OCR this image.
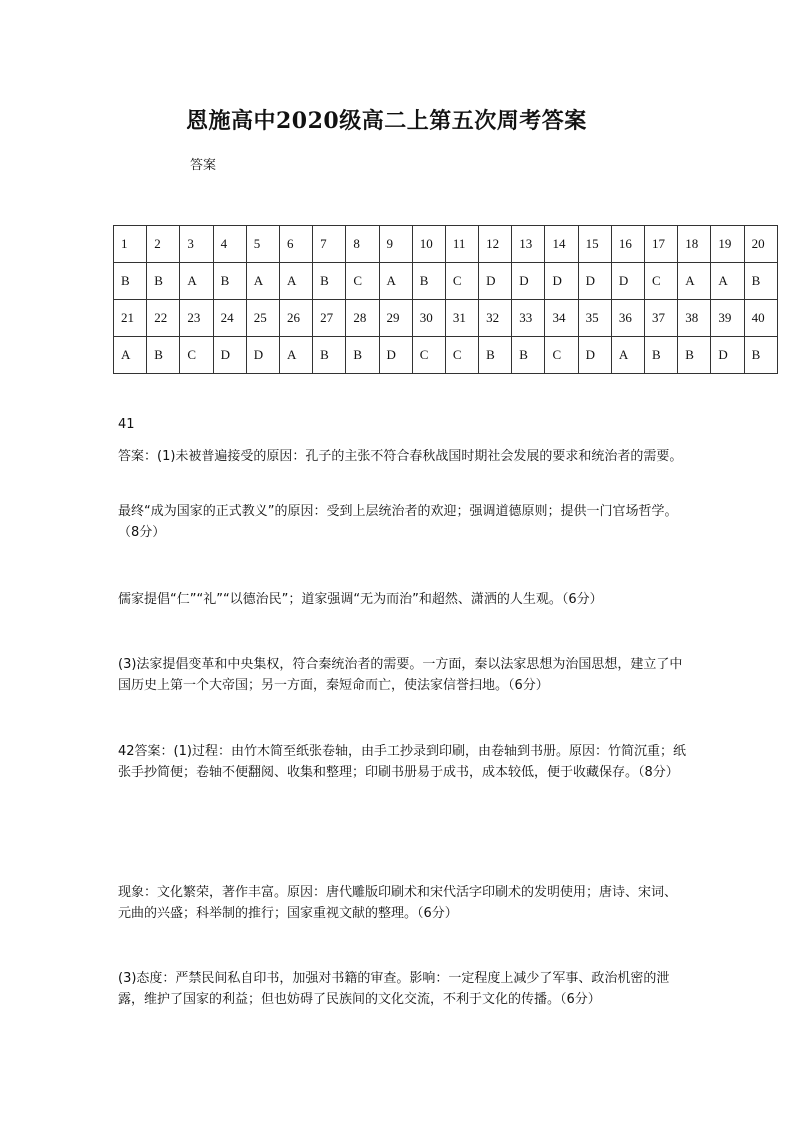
恩施高中2020级高二上第五次周考答案
答案
1	2	3	4	5	6	7	8	9	10	11	12	13	14	15	16	17	18	19	20
B	B	A	B	A	A	B	C	A	B	C	D	D	D	D	D	C	A	A	B
21	22	23	24	25	26	27	28	29	30	31	32	33	34	35	36	37	38	39	40
A	B	C	D	D	A	B	B	D	C	C	B	B	C	D	A	B	B	D	B
41
答案：(1)未被普遍接受的原因：孔子的主张不符合春秋战国时期社会发展的要求和统治者的需要。
最终“成为国家的正式教义”的原因：受到上层统治者的欢迎；强调道德原则；提供一门官场哲学。（8分）
儒家提倡“仁”“礼”“以德治民”；道家强调“无为而治”和超然、潇洒的人生观。（6分）
(3)法家提倡变革和中央集权，符合秦统治者的需要。一方面，秦以法家思想为治国思想，建立了中国历史上第一个大帝国；另一方面，秦短命而亡，使法家信誉扫地。（6分）
42答案：(1)过程：由竹木简至纸张卷轴，由手工抄录到印刷，由卷轴到书册。原因：竹简沉重；纸张手抄简便；卷轴不便翻阅、收集和整理；印刷书册易于成书，成本较低，便于收藏保存。（8分）
现象：文化繁荣，著作丰富。原因：唐代雕版印刷术和宋代活字印刷术的发明使用；唐诗、宋词、元曲的兴盛；科举制的推行；国家重视文献的整理。（6分）
(3)态度：严禁民间私自印书，加强对书籍的审查。影响：一定程度上减少了军事、政治机密的泄露，维护了国家的利益；但也妨碍了民族间的文化交流，不利于文化的传播。（6分）
